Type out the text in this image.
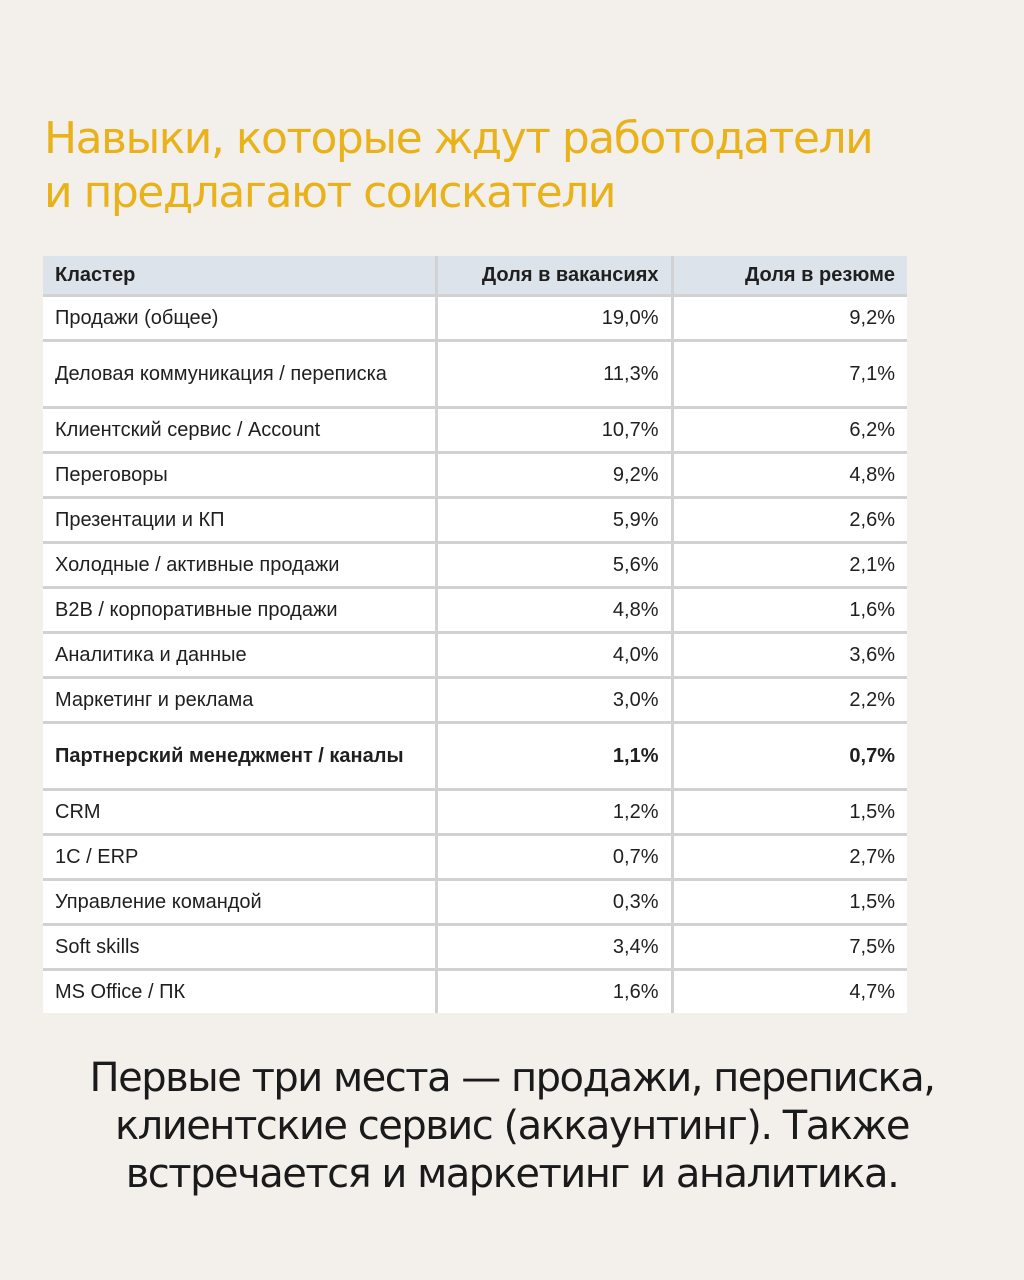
Навыки, которые ждут работодатели
и предлагают соискатели
Кластер	Доля в вакансиях	Доля в резюме
Продажи (общее)	19,0%	9,2%
Деловая коммуникация / переписка	11,3%	7,1%
Клиентский сервис / Account	10,7%	6,2%
Переговоры	9,2%	4,8%
Презентации и КП	5,9%	2,6%
Холодные / активные продажи	5,6%	2,1%
B2B / корпоративные продажи	4,8%	1,6%
Аналитика и данные	4,0%	3,6%
Маркетинг и реклама	3,0%	2,2%
Партнерский менеджмент / каналы	1,1%	0,7%
CRM	1,2%	1,5%
1С / ERP	0,7%	2,7%
Управление командой	0,3%	1,5%
Soft skills	3,4%	7,5%
MS Office / ПК	1,6%	4,7%

Первые три места — продажи, переписка,
клиентские сервис (аккаунтинг). Также
встречается и маркетинг и аналитика.
